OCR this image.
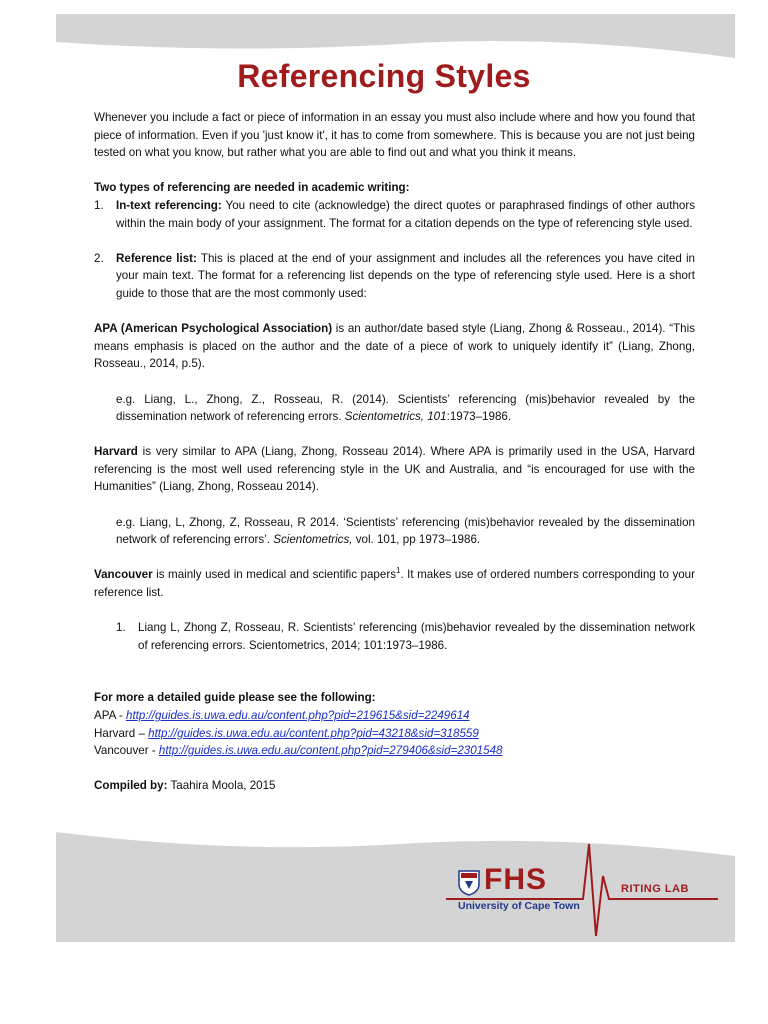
Referencing Styles

Whenever you include a fact or piece of information in an essay you must also include where and how you found that piece of information. Even if you 'just know it', it has to come from somewhere. This is because you are not just being tested on what you know, but rather what you are able to find out and what you think it means.

Two types of referencing are needed in academic writing:

1. In-text referencing: You need to cite (acknowledge) the direct quotes or paraphrased findings of other authors within the main body of your assignment. The format for a citation depends on the type of referencing style used.
2. Reference list: This is placed at the end of your assignment and includes all the references you have cited in your main text. The format for a referencing list depends on the type of referencing style used. Here is a short guide to those that are the most commonly used:

APA (American Psychological Association) is an author/date based style (Liang, Zhong & Rosseau., 2014). “This means emphasis is placed on the author and the date of a piece of work to uniquely identify it” (Liang, Zhong, Rosseau., 2014, p.5).

e.g. Liang, L., Zhong, Z., Rosseau, R. (2014). Scientists’ referencing (mis)behavior revealed by the dissemination network of referencing errors. Scientometrics, 101:1973–1986.

Harvard is very similar to APA (Liang, Zhong, Rosseau 2014). Where APA is primarily used in the USA, Harvard referencing is the most well used referencing style in the UK and Australia, and “is encouraged for use with the Humanities” (Liang, Zhong, Rosseau 2014).

e.g. Liang, L, Zhong, Z, Rosseau, R 2014. ‘Scientists’ referencing (mis)behavior revealed by the dissemination network of referencing errors’. Scientometrics, vol. 101, pp 1973–1986.

Vancouver is mainly used in medical and scientific papers$^1$. It makes use of ordered numbers corresponding to your reference list.

1. Liang L, Zhong Z, Rosseau, R. Scientists’ referencing (mis)behavior revealed by the dissemination network of referencing errors. Scientometrics, 2014; 101:1973–1986.

For more a detailed guide please see the following:

APA - http://guides.is.uwa.edu.au/content.php?pid=219615&sid=2249614

Harvard – http://guides.is.uwa.edu.au/content.php?pid=43218&sid=318559

Vancouver - http://guides.is.uwa.edu.au/content.php?pid=279406&sid=2301548

Compiled by: Taahira Moola, 2015

FHS
University of Cape Town
RITING LAB
